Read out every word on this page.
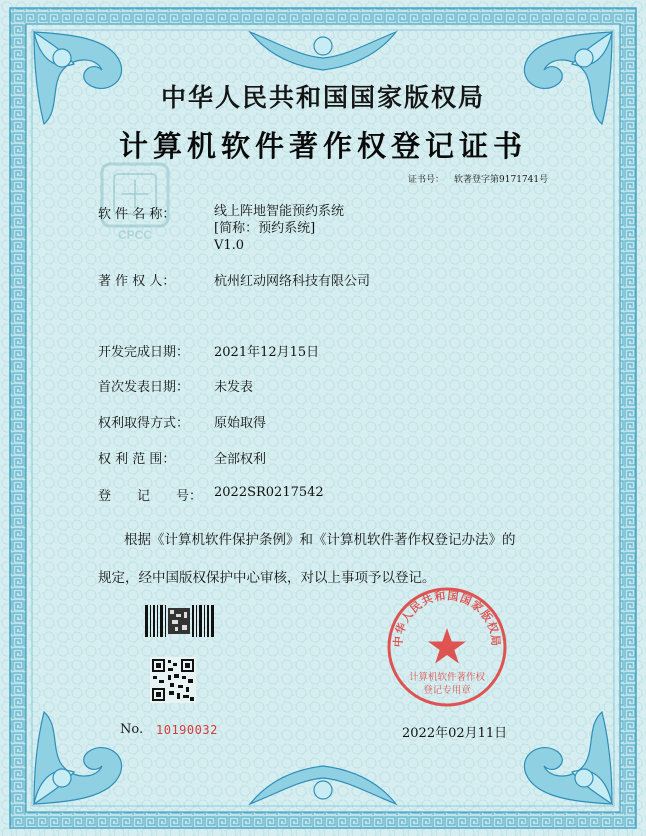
CPCC
中华人民共和国国家版权局
计算机软件著作权登记证书
证书号： 软著登字第9171741号
软 件 名 称：	线上阵地智能预约系统
[简称：预约系统]
V1.0
著 作 权 人：	杭州红动网络科技有限公司
开发完成日期： 2021年12月15日
首次发表日期： 未发表
权利取得方式： 原始取得
权 利 范 围：	全部权利
登　　记　　号： 2022SR0217542
根据《计算机软件保护条例》和《计算机软件著作权登记办法》的
规定，经中国版权保护中心审核，对以上事项予以登记。
No. 10190032
中华人民共和国国家版权局
计算机软件著作权
登记专用章
2022年02月11日
